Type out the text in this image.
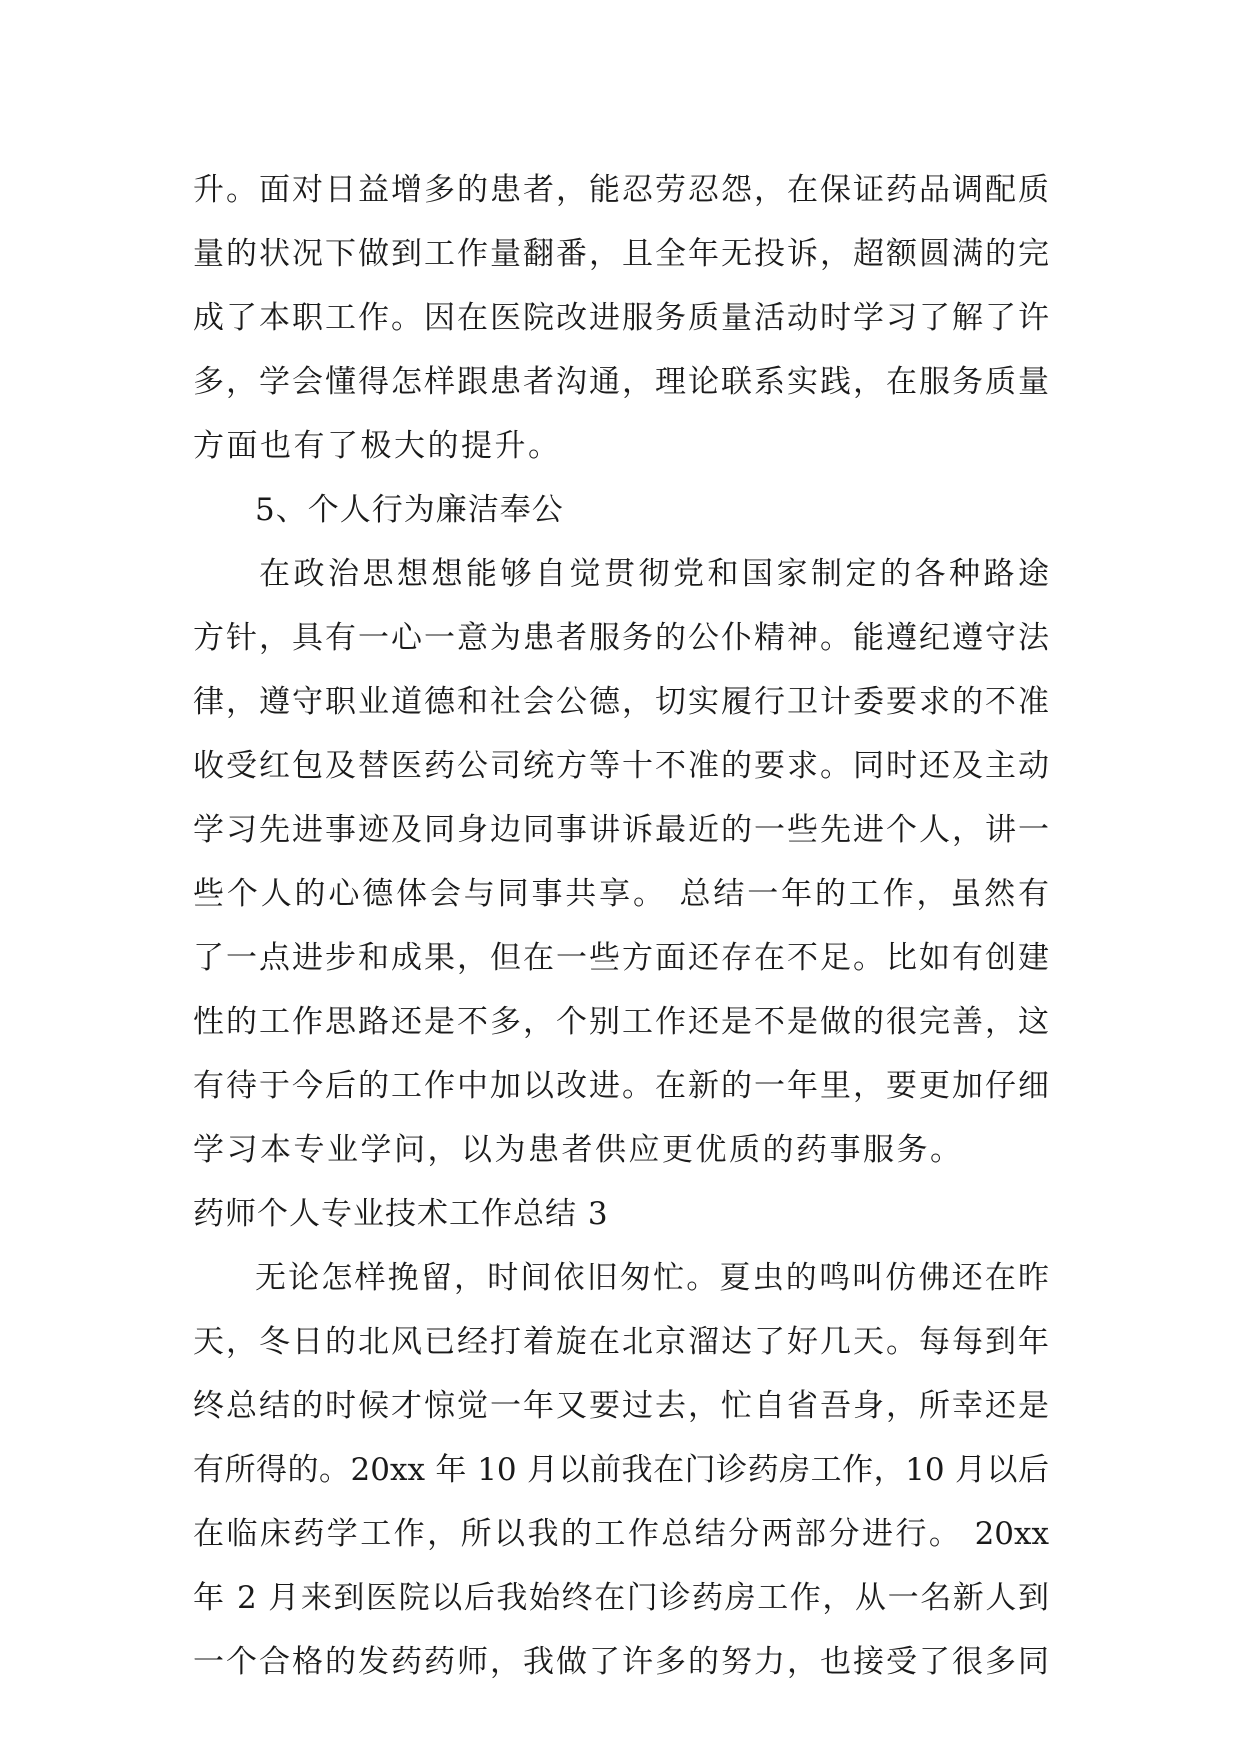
升。面对日益增多的患者，能忍劳忍怨，在保证药品调配质
量的状况下做到工作量翻番，且全年无投诉，超额圆满的完
成了本职工作。因在医院改进服务质量活动时学习了解了许
多，学会懂得怎样跟患者沟通，理论联系实践，在服务质量
方面也有了极大的提升。
5、个人行为廉洁奉公
在政治思想想能够自觉贯彻党和国家制定的各种路途
方针，具有一心一意为患者服务的公仆精神。能遵纪遵守法
律，遵守职业道德和社会公德，切实履行卫计委要求的不准
收受红包及替医药公司统方等十不准的要求。同时还及主动
学习先进事迹及同身边同事讲诉最近的一些先进个人，讲一
些个人的心德体会与同事共享。 总结一年的工作，虽然有
了一点进步和成果，但在一些方面还存在不足。比如有创建
性的工作思路还是不多，个别工作还是不是做的很完善，这
有待于今后的工作中加以改进。在新的一年里，要更加仔细
学习本专业学问，以为患者供应更优质的药事服务。
药师个人专业技术工作总结 3
无论怎样挽留，时间依旧匆忙。夏虫的鸣叫仿佛还在昨
天，冬日的北风已经打着旋在北京溜达了好几天。每每到年
终总结的时候才惊觉一年又要过去，忙自省吾身，所幸还是
有所得的。20xx 年 10 月以前我在门诊药房工作，10 月以后
在临床药学工作，所以我的工作总结分两部分进行。 20xx
年 2 月来到医院以后我始终在门诊药房工作，从一名新人到
一个合格的发药药师，我做了许多的努力，也接受了很多同
